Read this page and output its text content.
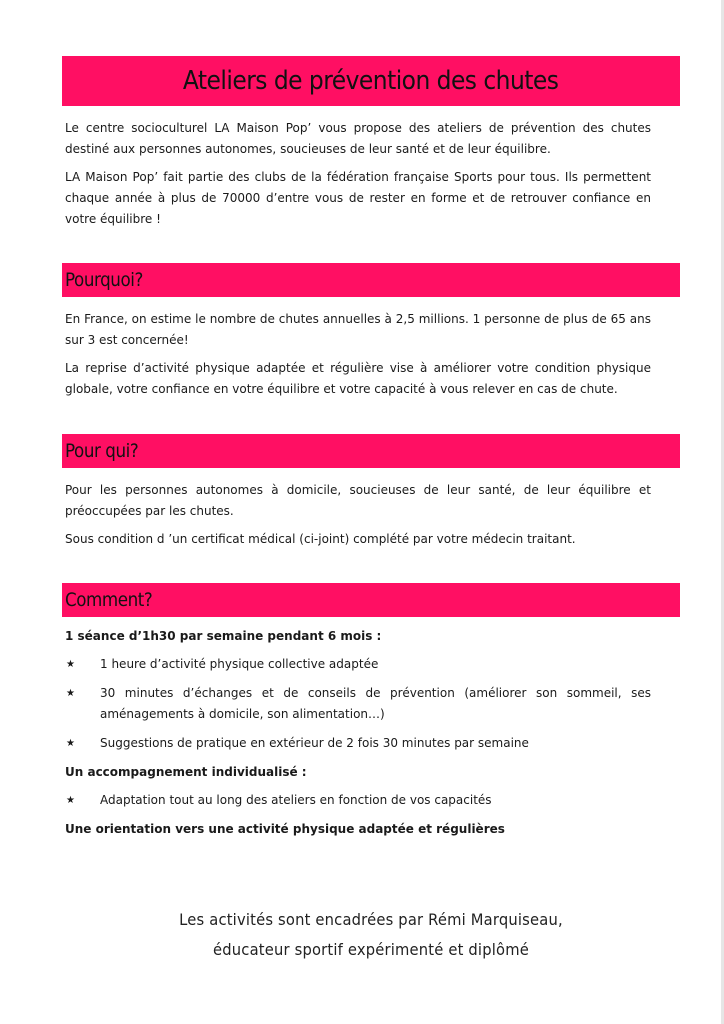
Ateliers de prévention des chutes

Le centre socioculturel LA Maison Pop’ vous propose des ateliers de prévention des chutes destiné aux personnes autonomes, soucieuses de leur santé et de leur équilibre.

LA Maison Pop’ fait partie des clubs de la fédération française Sports pour tous. Ils permettent chaque année à plus de 70000 d’entre vous de rester en forme et de retrouver confiance en votre équilibre !

Pourquoi?

En France, on estime le nombre de chutes annuelles à 2,5 millions. 1 personne de plus de 65 ans sur 3 est concernée!

La reprise d’activité physique adaptée et régulière vise à améliorer votre condition physique globale, votre confiance en votre équilibre et votre capacité à vous relever en cas de chute.

Pour qui?

Pour les personnes autonomes à domicile, soucieuses de leur santé, de leur équilibre et préoccupées par les chutes.

Sous condition d ’un certificat médical (ci-joint) complété par votre médecin traitant.

Comment?

1 séance d’1h30 par semaine pendant 6 mois :

★ 1 heure d’activité physique collective adaptée
★ 30 minutes d’échanges et de conseils de prévention (améliorer son sommeil, ses aménagements à domicile, son alimentation…)
★ Suggestions de pratique en extérieur de 2 fois 30 minutes par semaine

Un accompagnement individualisé :

★ Adaptation tout au long des ateliers en fonction de vos capacités

Une orientation vers une activité physique adaptée et régulières

Les activités sont encadrées par Rémi Marquiseau,
éducateur sportif expérimenté et diplômé
